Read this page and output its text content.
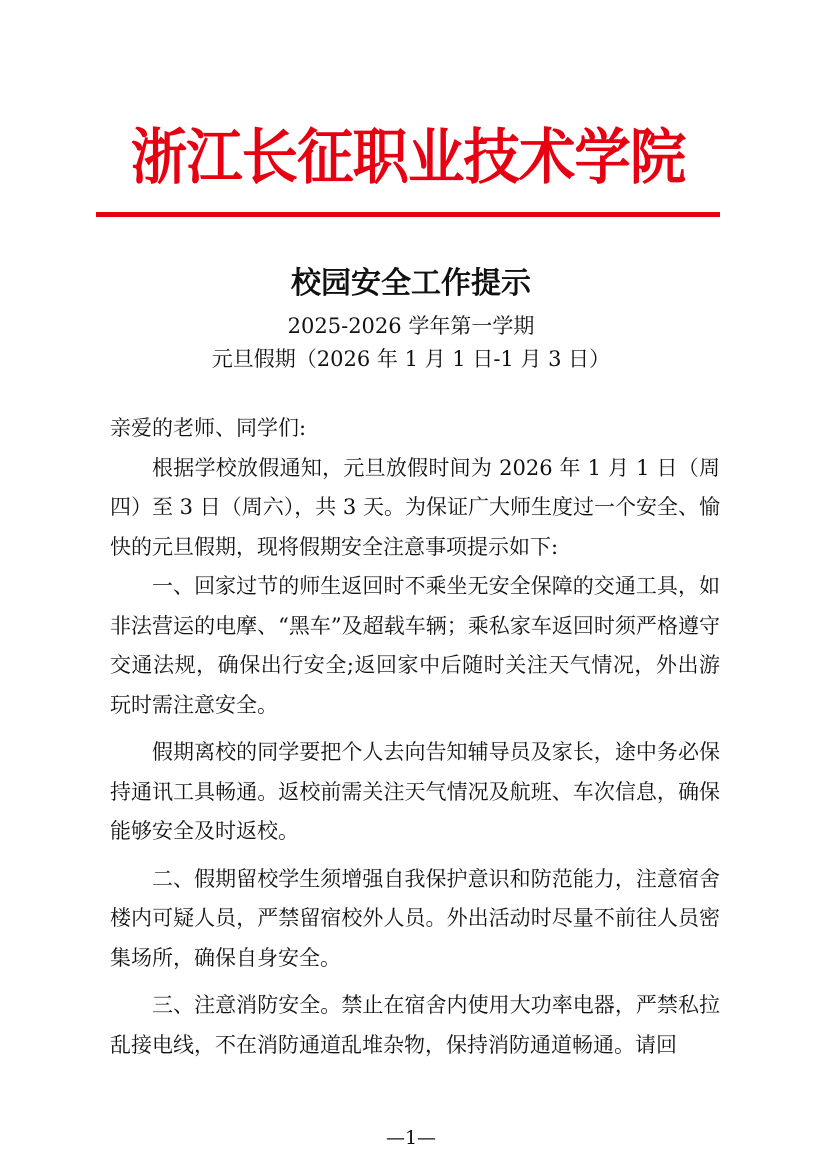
浙江长征职业技术学院
校园安全工作提示
2025-2026 学年第一学期
元旦假期（2026 年 1 月 1 日-1 月 3 日）

亲爱的老师、同学们:

根据学校放假通知，元旦放假时间为 2026 年 1 月 1 日（周四）至 3 日（周六），共 3 天。为保证广大师生度过一个安全、愉快的元旦假期，现将假期安全注意事项提示如下:

一、回家过节的师生返回时不乘坐无安全保障的交通工具，如非法营运的电摩、“黑车”及超载车辆；乘私家车返回时须严格遵守交通法规，确保出行安全;返回家中后随时关注天气情况，外出游玩时需注意安全。

假期离校的同学要把个人去向告知辅导员及家长，途中务必保持通讯工具畅通。返校前需关注天气情况及航班、车次信息，确保能够安全及时返校。

二、假期留校学生须增强自我保护意识和防范能力，注意宿舍楼内可疑人员，严禁留宿校外人员。外出活动时尽量不前往人员密集场所，确保自身安全。

三、注意消防安全。禁止在宿舍内使用大功率电器，严禁私拉乱接电线，不在消防通道乱堆杂物，保持消防通道畅通。请回

—1—
